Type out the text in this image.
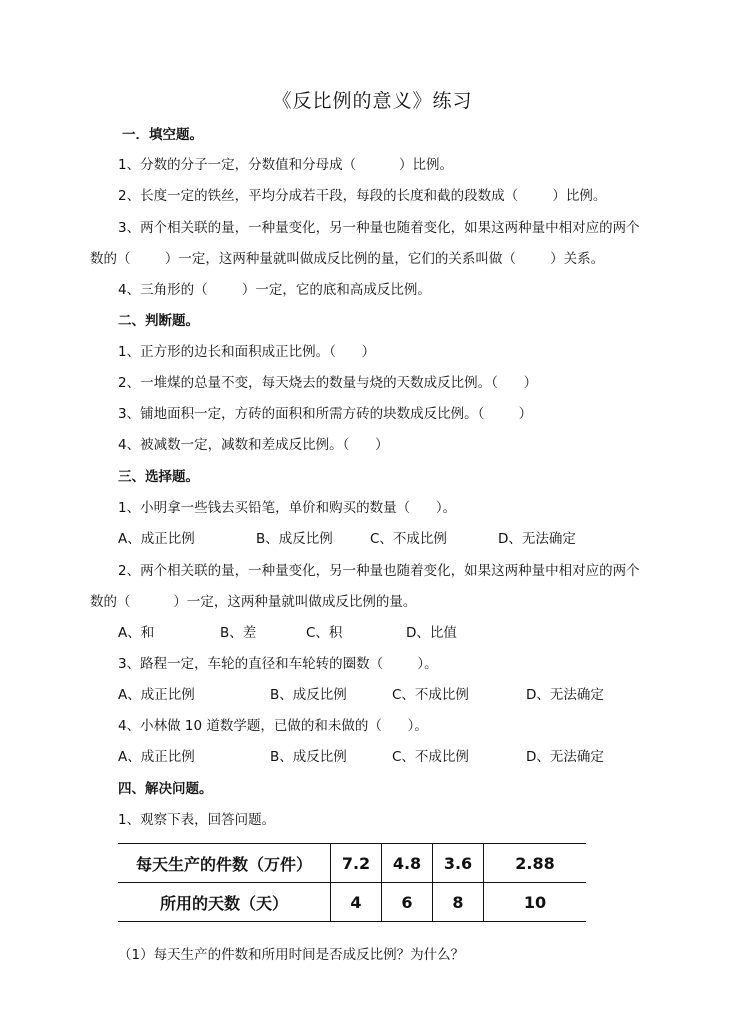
《反比例的意义》练习
一．填空题。
1、分数的分子一定，分数值和分母成（          ）比例。
2、长度一定的铁丝，平均分成若干段，每段的长度和截的段数成（        ）比例。
3、两个相关联的量，一种量变化，另一种量也随着变化，如果这两种量中相对应的两个
数的（        ）一定，这两种量就叫做成反比例的量，它们的关系叫做（        ）关系。
4、三角形的（        ）一定，它的底和高成反比例。
二、判断题。
1、正方形的边长和面积成正比例。（      ）
2、一堆煤的总量不变，每天烧去的数量与烧的天数成反比例。（      ）
3、铺地面积一定，方砖的面积和所需方砖的块数成反比例。（        ）
4、被减数一定，减数和差成反比例。（      ）
三、选择题。
1、小明拿一些钱去买铅笔，单价和购买的数量（      ）。
A、成正比例	B、成反比例	C、不成比例	D、无法确定
2、两个相关联的量，一种量变化，另一种量也随着变化，如果这两种量中相对应的两个
数的（          ）一定，这两种量就叫做成反比例的量。
A、和	B、差	C、积	D、比值
3、路程一定，车轮的直径和车轮转的圈数（        ）。
A、成正比例	B、成反比例	C、不成比例	D、无法确定
4、小林做 10 道数学题，已做的和未做的（      ）。
A、成正比例	B、成反比例	C、不成比例	D、无法确定
四、解决问题。
1、观察下表，回答问题。
每天生产的件数（万件）	7.2	4.8	3.6	2.88
所用的天数（天）	4	6	8	10
（1）每天生产的件数和所用时间是否成反比例？为什么？
